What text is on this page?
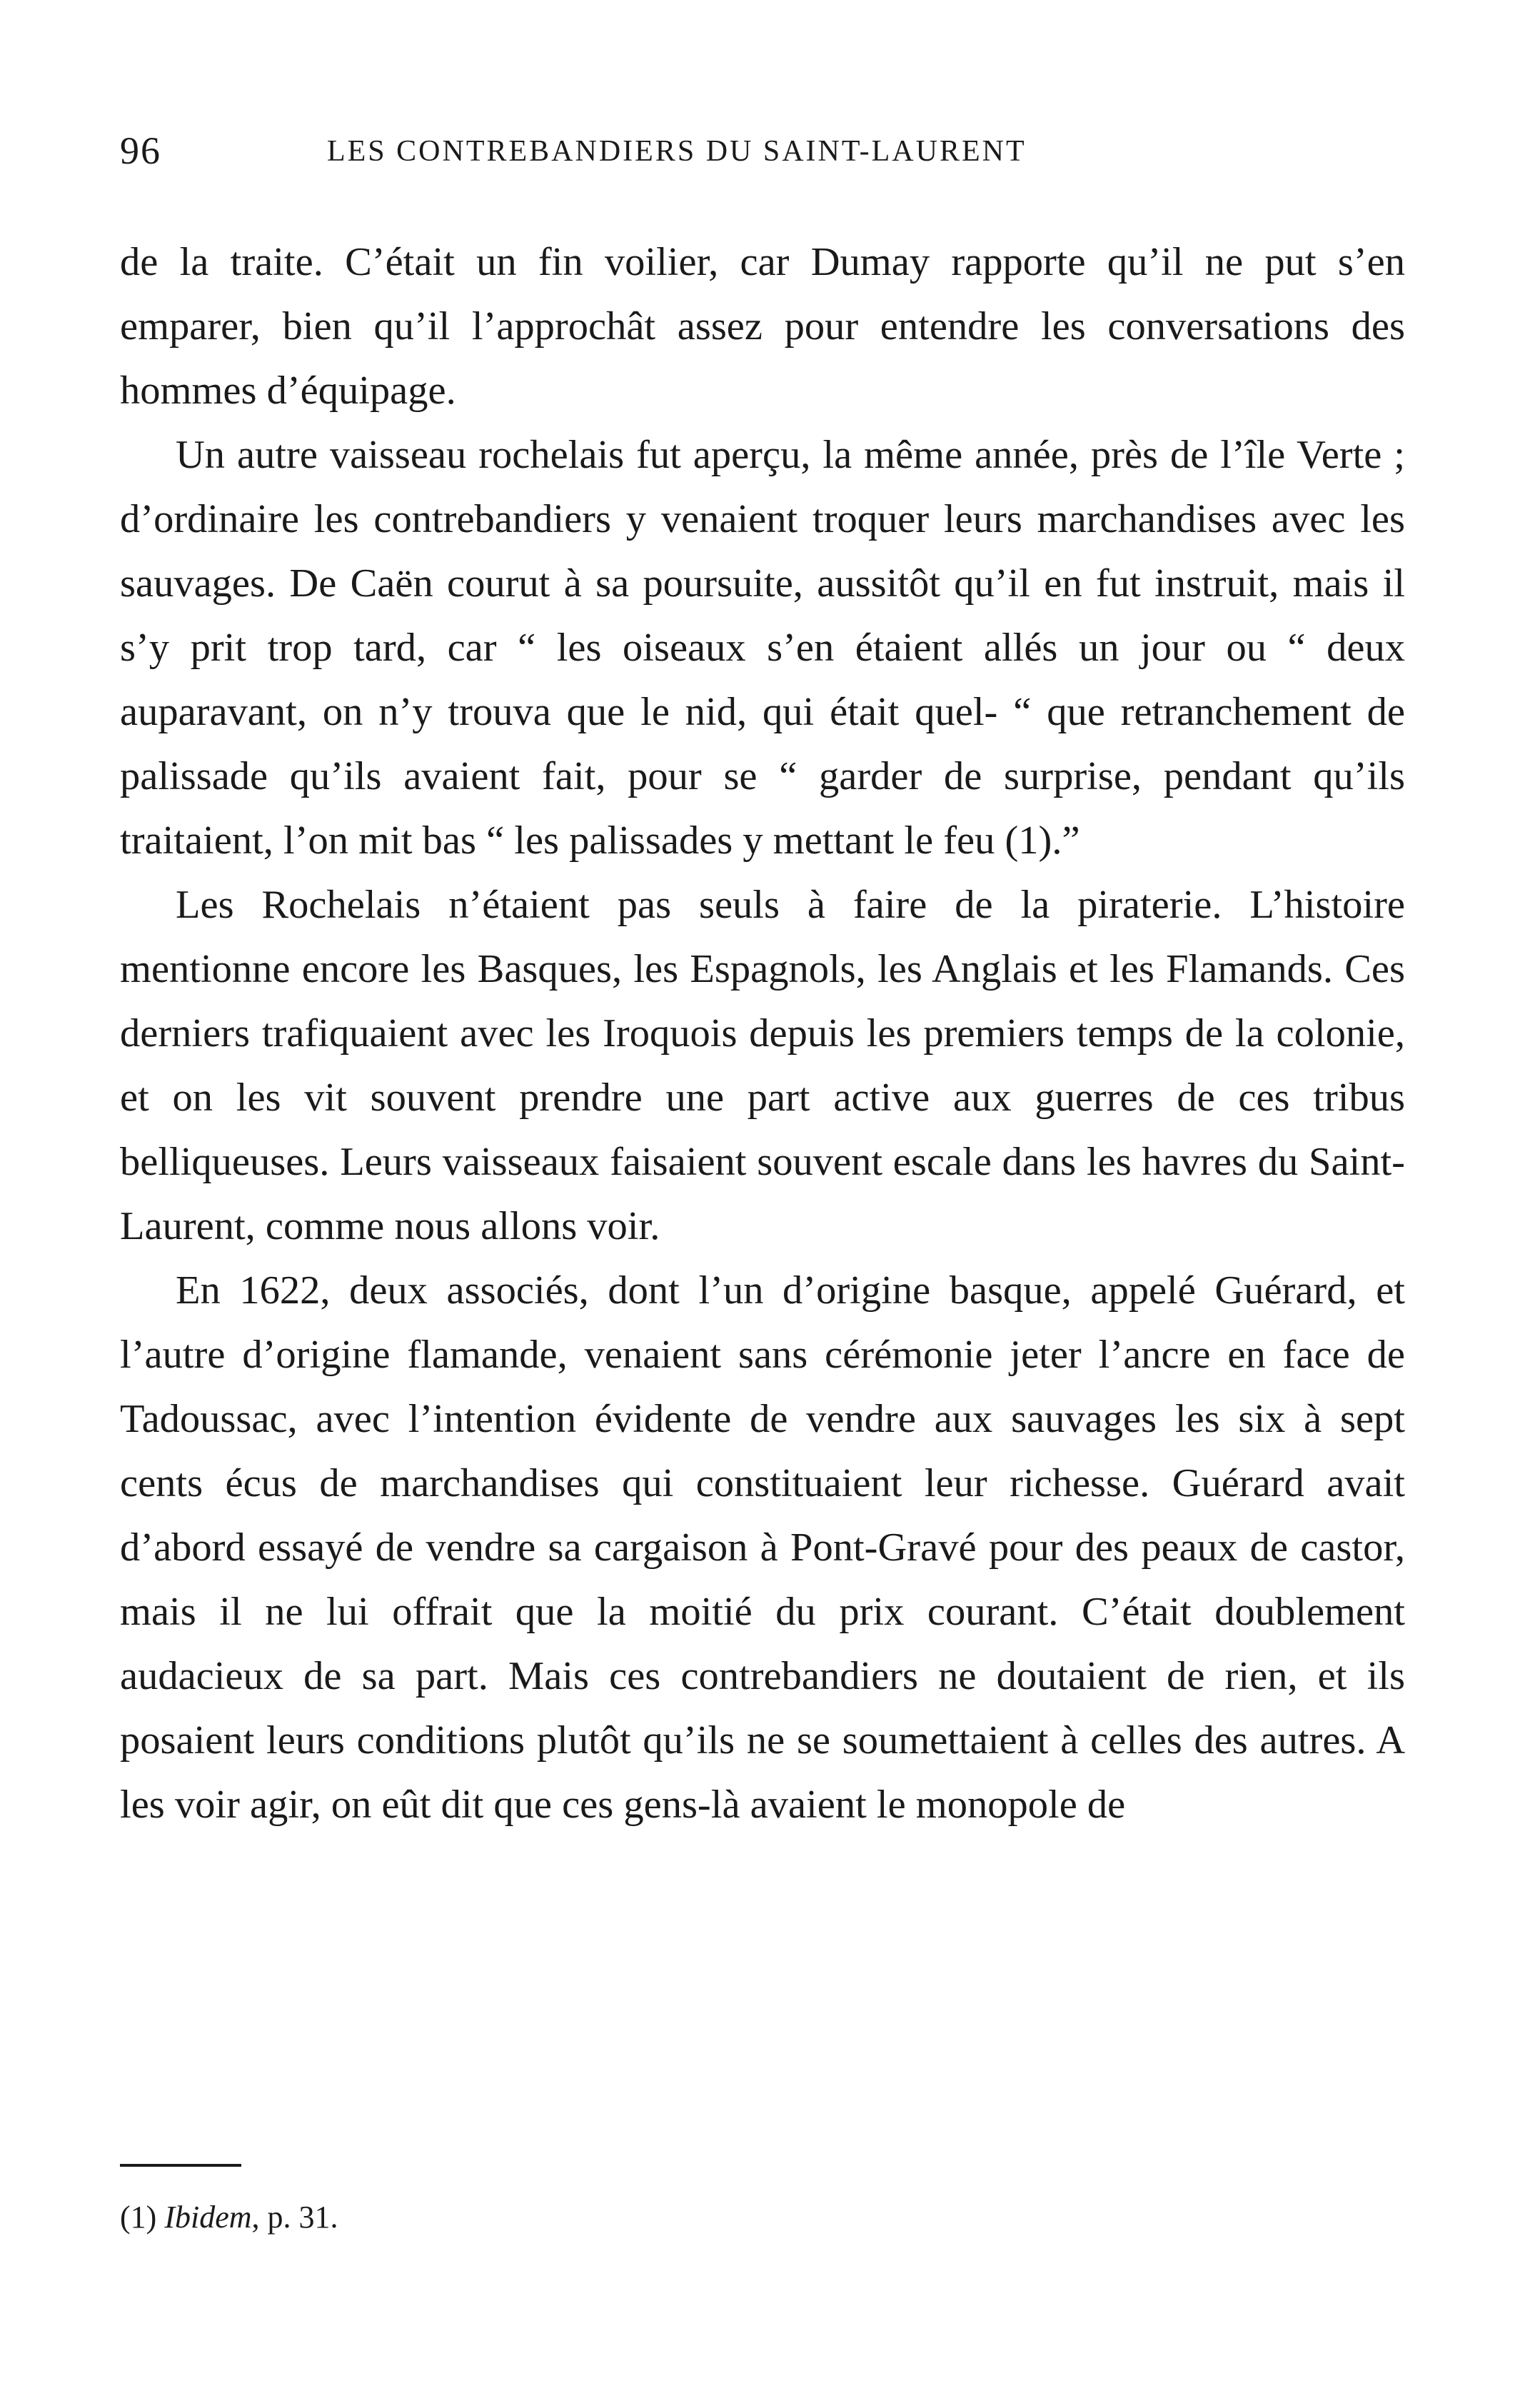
96	LES CONTREBANDIERS DU SAINT-LAURENT

de la traite. C’était un fin voilier, car Dumay rapporte qu’il ne put s’en emparer, bien qu’il l’approchât assez pour entendre les conversations des hommes d’équipage.

Un autre vaisseau rochelais fut aperçu, la même année, près de l’île Verte ; d’ordinaire les contrebandiers y venaient troquer leurs marchandises avec les sauvages. De Caën courut à sa poursuite, aussitôt qu’il en fut instruit, mais il s’y prit trop tard, car “ les oiseaux s’en étaient allés un jour ou “ deux auparavant, on n’y trouva que le nid, qui était quel- “ que retranchement de palissade qu’ils avaient fait, pour se “ garder de surprise, pendant qu’ils traitaient, l’on mit bas “ les palissades y mettant le feu (1).”

Les Rochelais n’étaient pas seuls à faire de la piraterie. L’histoire mentionne encore les Basques, les Espagnols, les Anglais et les Flamands. Ces derniers trafiquaient avec les Iroquois depuis les premiers temps de la colonie, et on les vit souvent prendre une part active aux guerres de ces tribus belliqueuses. Leurs vaisseaux faisaient souvent escale dans les havres du Saint-Laurent, comme nous allons voir.

En 1622, deux associés, dont l’un d’origine basque, appelé Guérard, et l’autre d’origine flamande, venaient sans cérémonie jeter l’ancre en face de Tadoussac, avec l’intention évidente de vendre aux sauvages les six à sept cents écus de marchandises qui constituaient leur richesse. Guérard avait d’abord essayé de vendre sa cargaison à Pont-Gravé pour des peaux de castor, mais il ne lui offrait que la moitié du prix courant. C’était doublement audacieux de sa part. Mais ces contrebandiers ne doutaient de rien, et ils posaient leurs conditions plutôt qu’ils ne se soumettaient à celles des autres. A les voir agir, on eût dit que ces gens-là avaient le monopole de

(1) Ibidem, p. 31.
